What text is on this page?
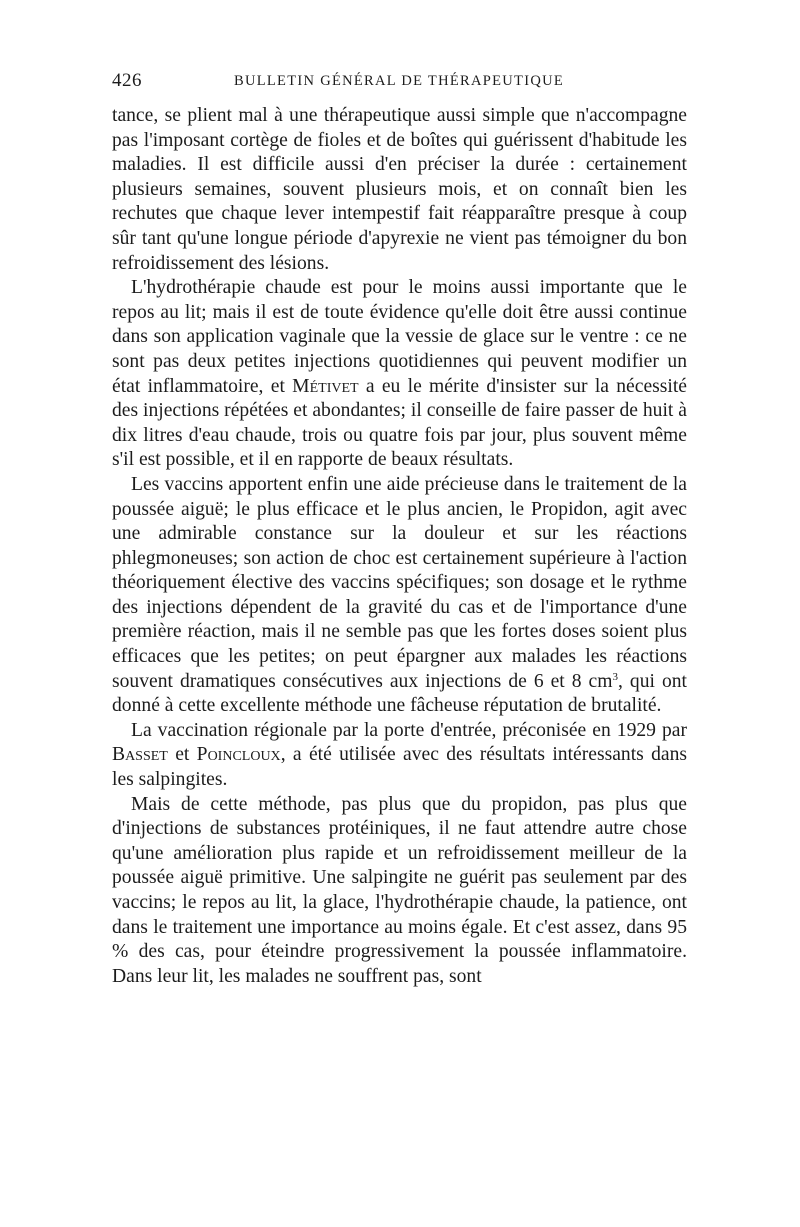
426	BULLETIN GÉNÉRAL DE THÉRAPEUTIQUE

tance, se plient mal à une thérapeutique aussi simple que n'accompagne pas l'imposant cortège de fioles et de boîtes qui guérissent d'habitude les maladies. Il est difficile aussi d'en préciser la durée : certainement plusieurs semaines, souvent plusieurs mois, et on connaît bien les rechutes que chaque lever intempestif fait réapparaître presque à coup sûr tant qu'une longue période d'apyrexie ne vient pas témoigner du bon refroidissement des lésions.

L'hydrothérapie chaude est pour le moins aussi importante que le repos au lit; mais il est de toute évidence qu'elle doit être aussi continue dans son application vaginale que la vessie de glace sur le ventre : ce ne sont pas deux petites injections quotidiennes qui peuvent modifier un état inflammatoire, et Métivet a eu le mérite d'insister sur la nécessité des injections répétées et abondantes; il conseille de faire passer de huit à dix litres d'eau chaude, trois ou quatre fois par jour, plus souvent même s'il est possible, et il en rapporte de beaux résultats.

Les vaccins apportent enfin une aide précieuse dans le traitement de la poussée aiguë; le plus efficace et le plus ancien, le Propidon, agit avec une admirable constance sur la douleur et sur les réactions phlegmoneuses; son action de choc est certainement supérieure à l'action théoriquement élective des vaccins spécifiques; son dosage et le rythme des injections dépendent de la gravité du cas et de l'importance d'une première réaction, mais il ne semble pas que les fortes doses soient plus efficaces que les petites; on peut épargner aux malades les réactions souvent dramatiques consécutives aux injections de 6 et 8 $cm^3$, qui ont donné à cette excellente méthode une fâcheuse réputation de brutalité.

La vaccination régionale par la porte d'entrée, préconisée en 1929 par Basset et Poincloux, a été utilisée avec des résultats intéressants dans les salpingites.

Mais de cette méthode, pas plus que du propidon, pas plus que d'injections de substances protéiniques, il ne faut attendre autre chose qu'une amélioration plus rapide et un refroidissement meilleur de la poussée aiguë primitive. Une salpingite ne guérit pas seulement par des vaccins; le repos au lit, la glace, l'hydrothérapie chaude, la patience, ont dans le traitement une importance au moins égale. Et c'est assez, dans 95 % des cas, pour éteindre progressivement la poussée inflammatoire. Dans leur lit, les malades ne souffrent pas, sont
